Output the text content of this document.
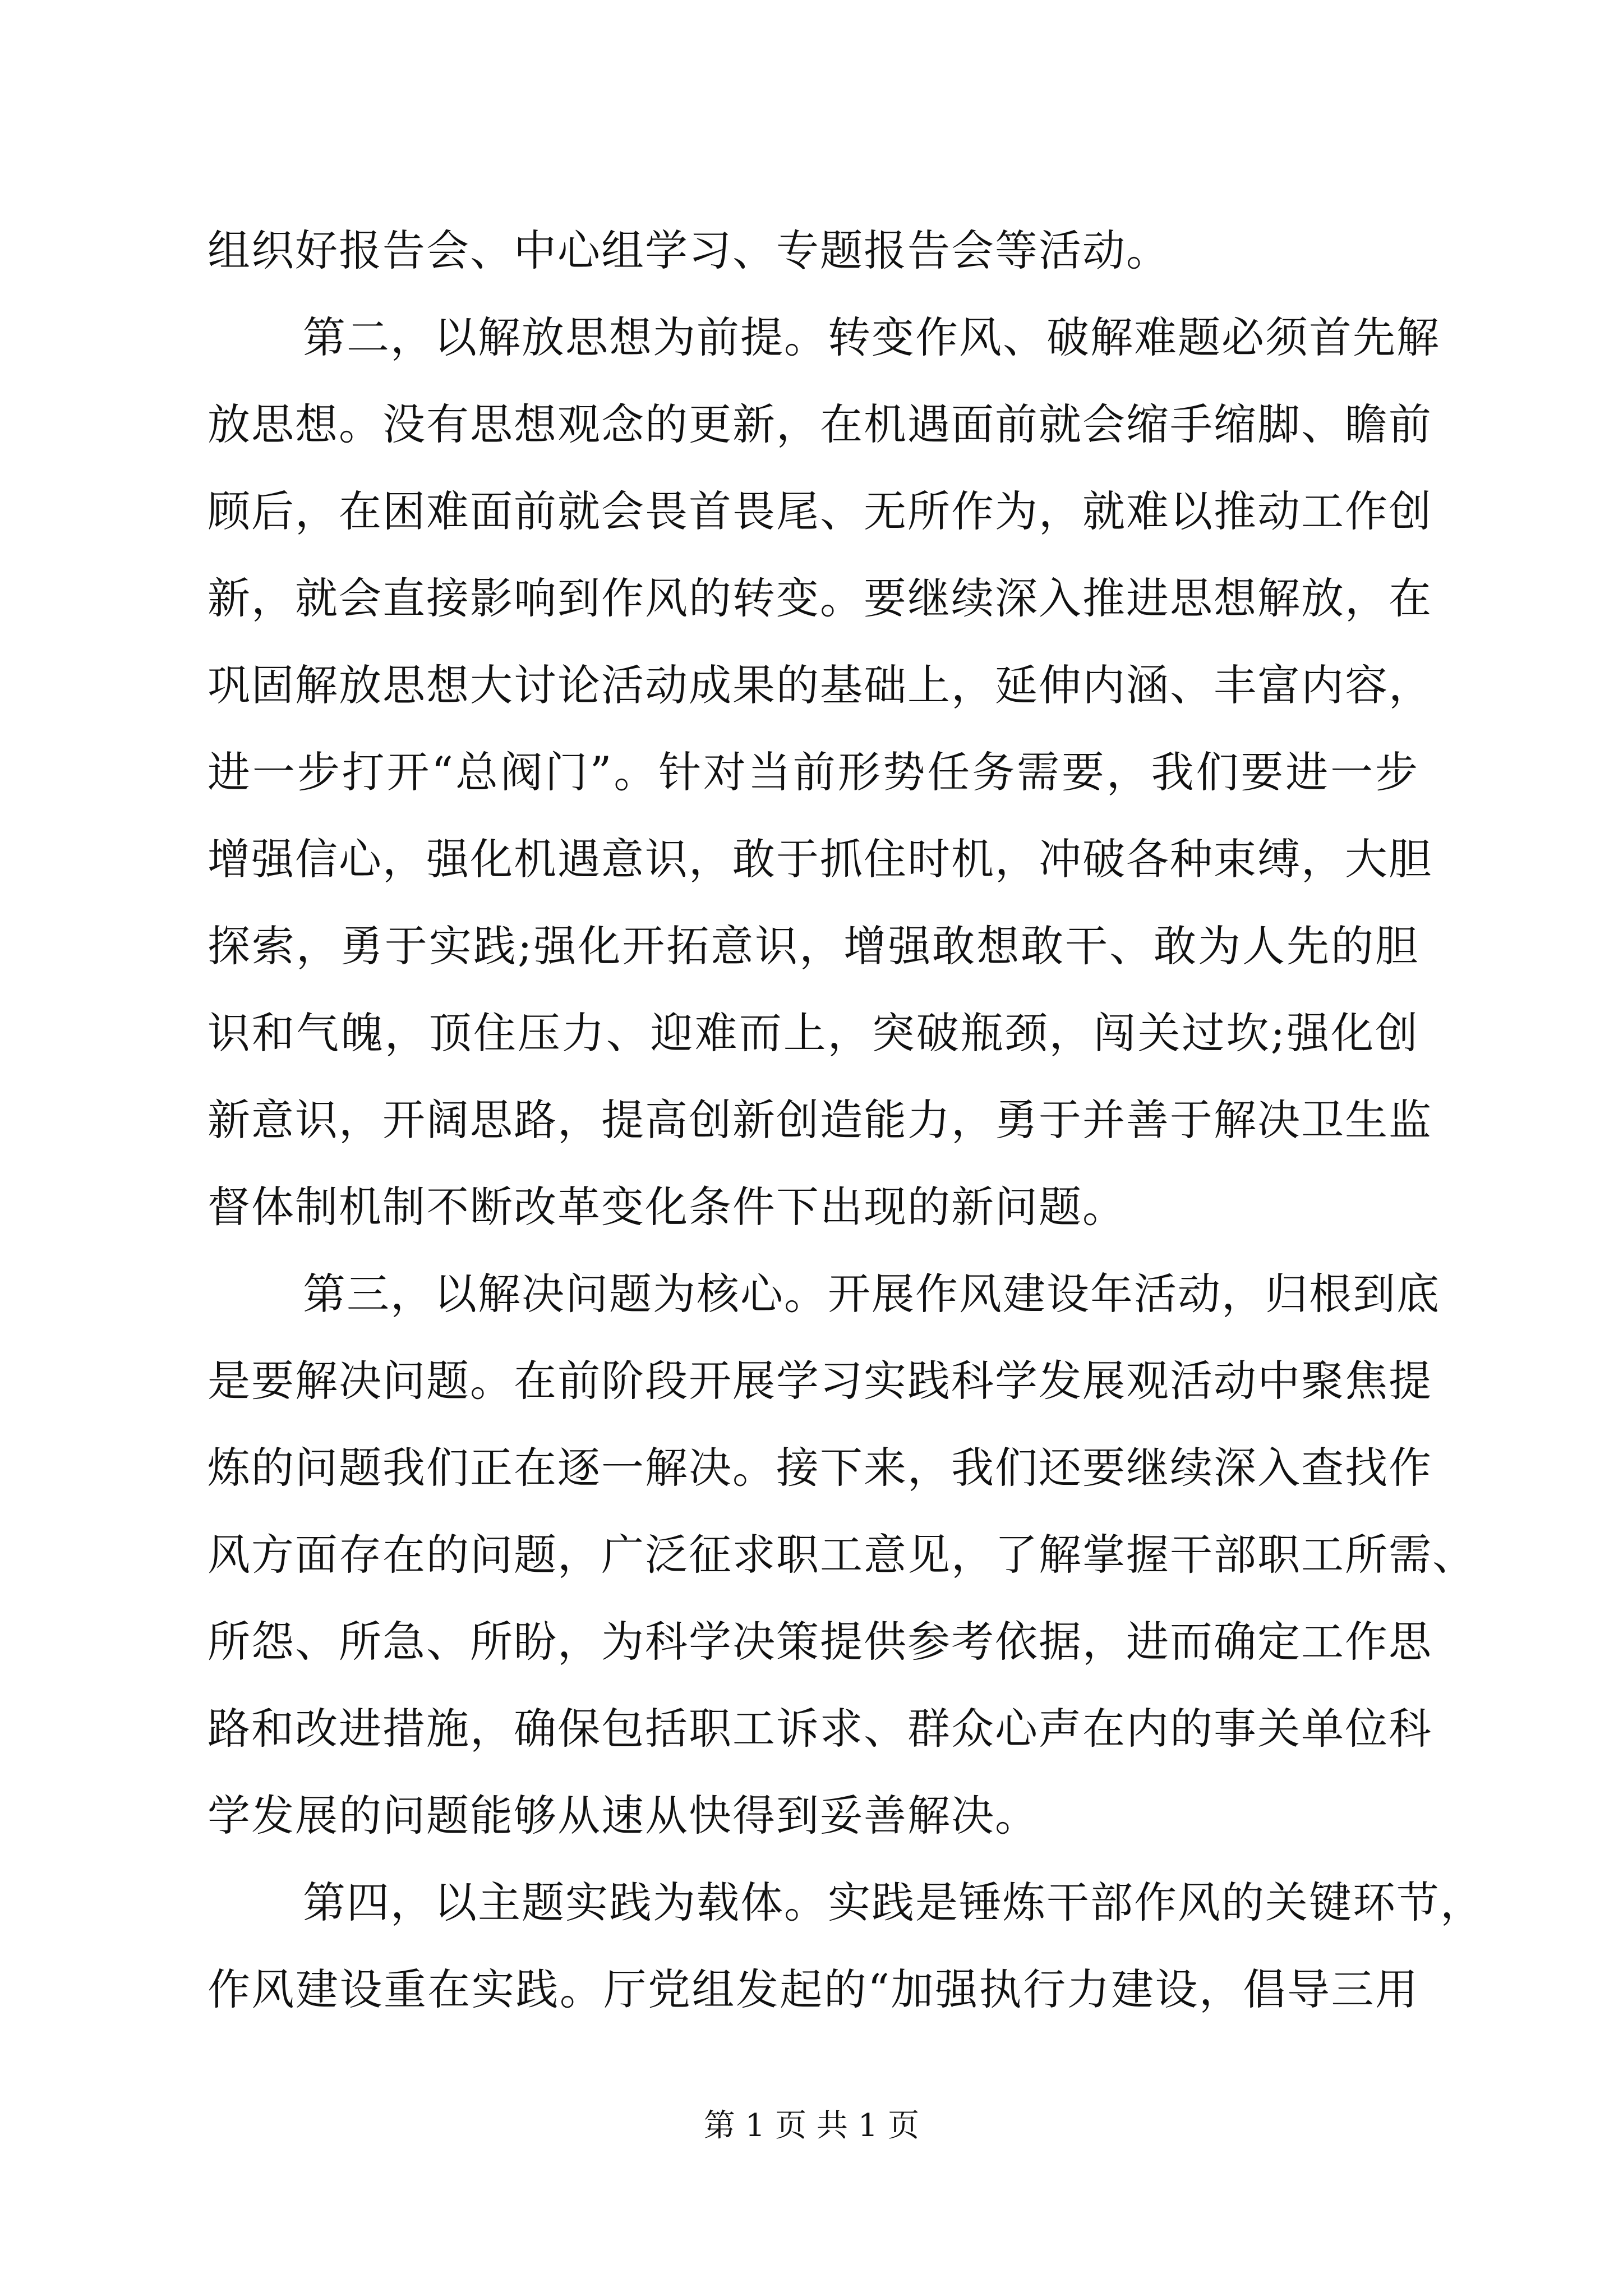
组织好报告会、中心组学习、专题报告会等活动。
第二，以解放思想为前提。转变作风、破解难题必须首先解
放思想。没有思想观念的更新，在机遇面前就会缩手缩脚、瞻前
顾后，在困难面前就会畏首畏尾、无所作为，就难以推动工作创
新，就会直接影响到作风的转变。要继续深入推进思想解放，在
巩固解放思想大讨论活动成果的基础上，延伸内涵、丰富内容，
进一步打开“总阀门”。针对当前形势任务需要，我们要进一步
增强信心，强化机遇意识，敢于抓住时机，冲破各种束缚，大胆
探索，勇于实践;强化开拓意识，增强敢想敢干、敢为人先的胆
识和气魄，顶住压力、迎难而上，突破瓶颈，闯关过坎;强化创
新意识，开阔思路，提高创新创造能力，勇于并善于解决卫生监
督体制机制不断改革变化条件下出现的新问题。
第三，以解决问题为核心。开展作风建设年活动，归根到底
是要解决问题。在前阶段开展学习实践科学发展观活动中聚焦提
炼的问题我们正在逐一解决。接下来，我们还要继续深入查找作
风方面存在的问题，广泛征求职工意见，了解掌握干部职工所需、
所怨、所急、所盼，为科学决策提供参考依据，进而确定工作思
路和改进措施，确保包括职工诉求、群众心声在内的事关单位科
学发展的问题能够从速从快得到妥善解决。
第四，以主题实践为载体。实践是锤炼干部作风的关键环节，
作风建设重在实践。厅党组发起的“加强执行力建设，倡导三用
第 1 页 共 1 页
